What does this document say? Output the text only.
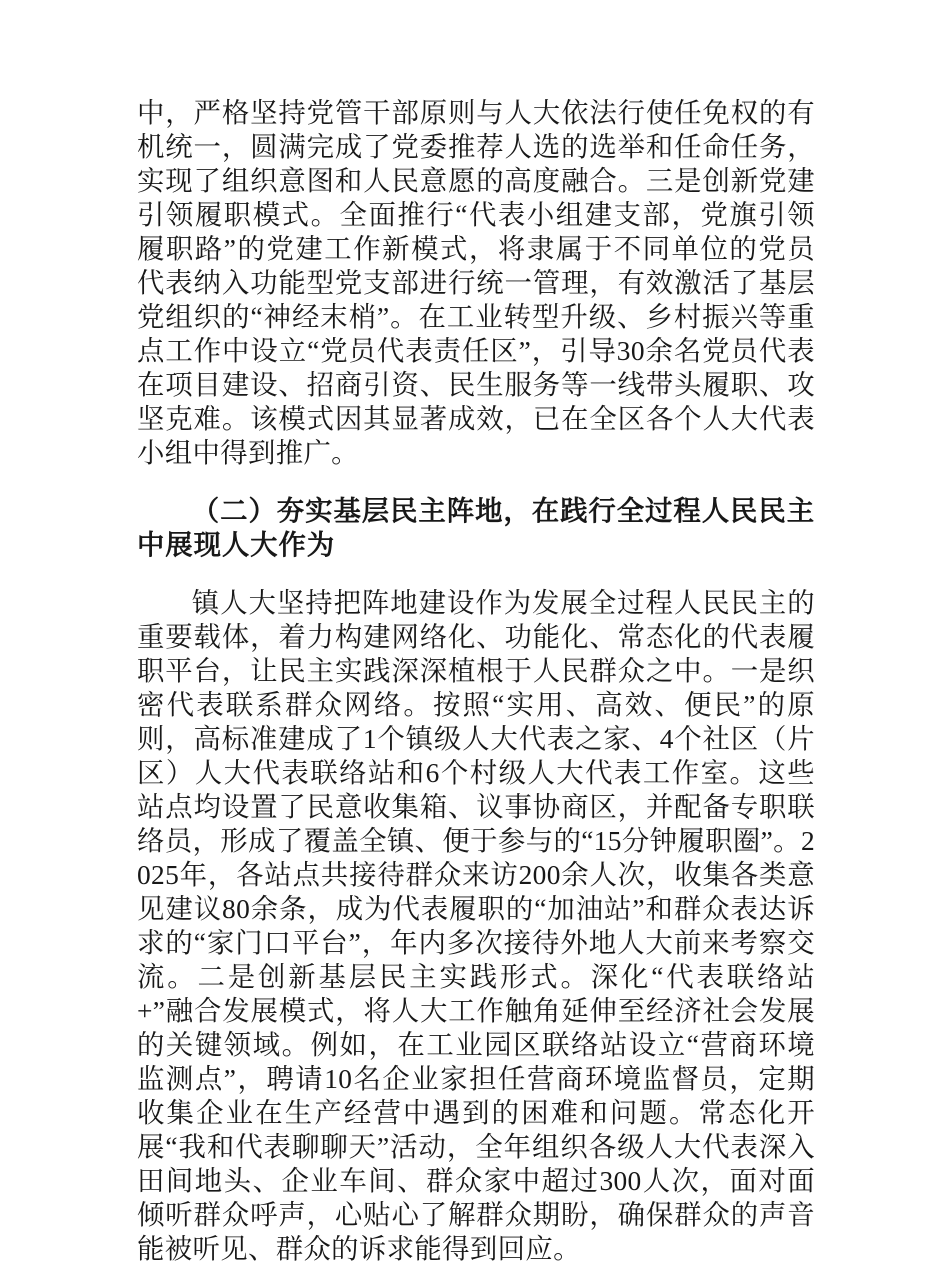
中，严格坚持党管干部原则与人大依法行使任免权的有机统一，圆满完成了党委推荐人选的选举和任命任务，实现了组织意图和人民意愿的高度融合。三是创新党建引领履职模式。全面推行“代表小组建支部，党旗引领履职路”的党建工作新模式，将隶属于不同单位的党员代表纳入功能型党支部进行统一管理，有效激活了基层党组织的“神经末梢”。在工业转型升级、乡村振兴等重点工作中设立“党员代表责任区”，引导30余名党员代表在项目建设、招商引资、民生服务等一线带头履职、攻坚克难。该模式因其显著成效，已在全区各个人大代表小组中得到推广。

（二）夯实基层民主阵地，在践行全过程人民民主中展现人大作为

镇人大坚持把阵地建设作为发展全过程人民民主的重要载体，着力构建网络化、功能化、常态化的代表履职平台，让民主实践深深植根于人民群众之中。一是织密代表联系群众网络。按照“实用、高效、便民”的原则，高标准建成了1个镇级人大代表之家、4个社区（片区）人大代表联络站和6个村级人大代表工作室。这些站点均设置了民意收集箱、议事协商区，并配备专职联络员，形成了覆盖全镇、便于参与的“15分钟履职圈”。2025年，各站点共接待群众来访200余人次，收集各类意见建议80余条，成为代表履职的“加油站”和群众表达诉求的“家门口平台”，年内多次接待外地人大前来考察交流。二是创新基层民主实践形式。深化“代表联络站+”融合发展模式，将人大工作触角延伸至经济社会发展的关键领域。例如，在工业园区联络站设立“营商环境监测点”，聘请10名企业家担任营商环境监督员，定期收集企业在生产经营中遇到的困难和问题。常态化开展“我和代表聊聊天”活动，全年组织各级人大代表深入田间地头、企业车间、群众家中超过300人次，面对面倾听群众呼声，心贴心了解群众期盼，确保群众的声音能被听见、群众的诉求能得到回应。
